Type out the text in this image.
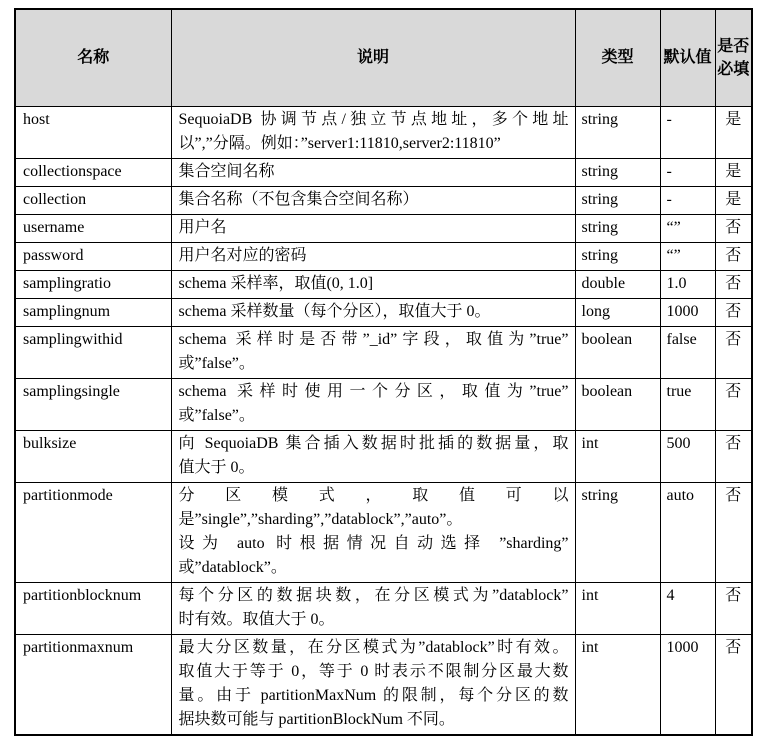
名称	说明	类型	默认值	是否必填
host	SequoiaDB 协调节点/独立节点地址，多个地址
以”,”分隔。例如：”server1:11810,server2:11810”	string	-	是
collectionspace	集合空间名称	string	-	是
collection	集合名称（不包含集合空间名称）	string	-	是
username	用户名	string	“”	否
password	用户名对应的密码	string	“”	否
samplingratio	schema 采样率，取值(0, 1.0]	double	1.0	否
samplingnum	schema 采样数量（每个分区），取值大于 0。	long	1000	否
samplingwithid	schema 采样时是否带”_id”字段，取值为”true”
或”false”。	boolean	false	否
samplingsingle	schema 采样时使用一个分区，取值为”true”
或”false”。	boolean	true	否
bulksize	向 SequoiaDB 集合插入数据时批插的数据量，取
值大于 0。	int	500	否
partitionmode	分区模式，取值可以
是”single”,”sharding”,”datablock”,”auto”。
设为 auto 时根据情况自动选择 ”sharding”
或”datablock”。	string	auto	否
partitionblocknum	每个分区的数据块数，在分区模式为”datablock”
时有效。取值大于 0。	int	4	否
partitionmaxnum	最大分区数量，在分区模式为”datablock”时有效。
取值大于等于 0，等于 0 时表示不限制分区最大数
量。由于 partitionMaxNum 的限制，每个分区的数
据块数可能与 partitionBlockNum 不同。	int	1000	否
